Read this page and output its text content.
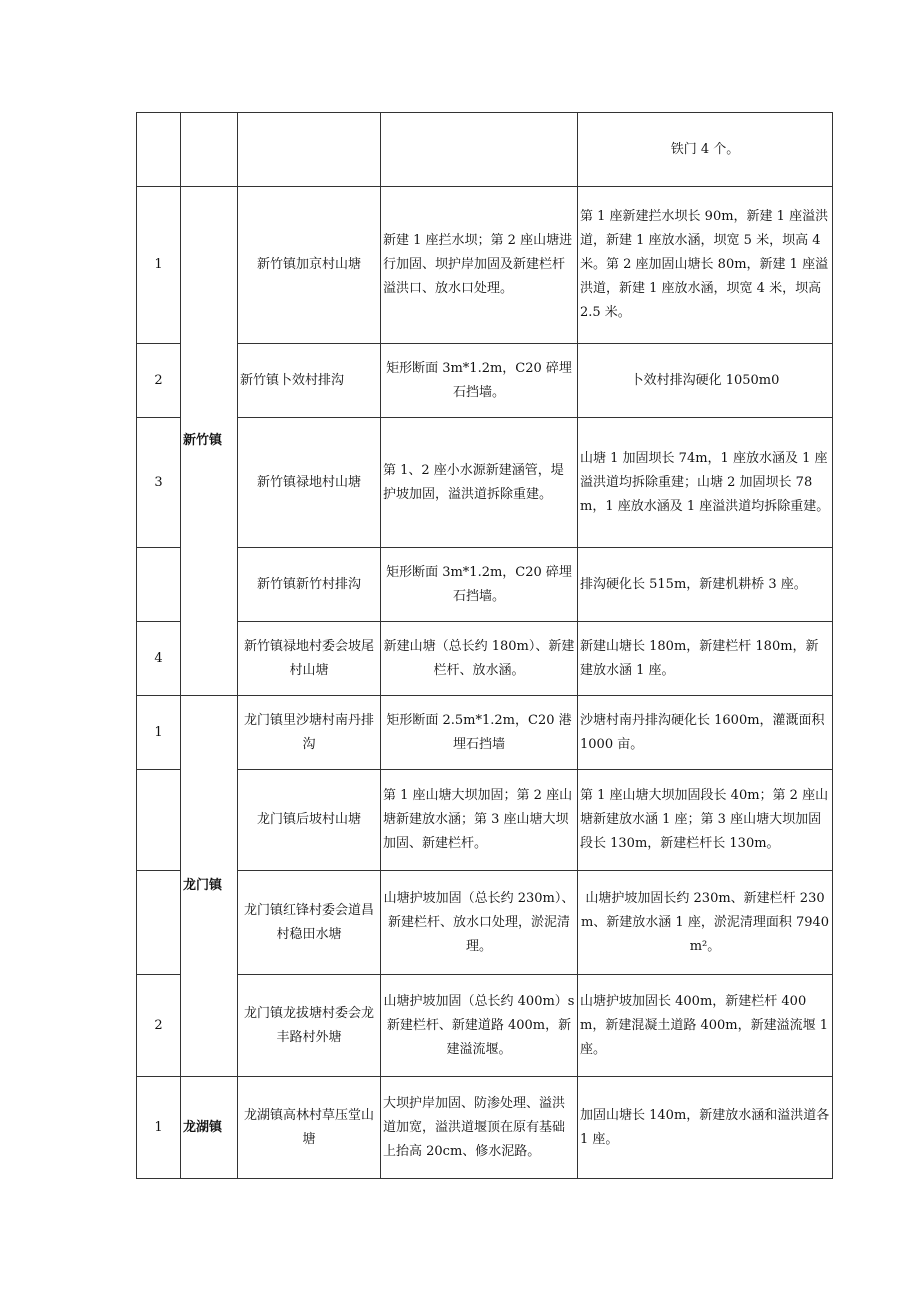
				铁门 4 个。
1	新竹镇	新竹镇加京村山塘	新建 1 座拦水坝；第 2 座山塘进行加固、坝护岸加固及新建栏杆溢洪口、放水口处理。	第 1 座新建拦水坝长 90m，新建 1 座溢洪道，新建 1 座放水涵，坝宽 5 米，坝高 4 米。第 2 座加固山塘长 80m，新建 1 座溢洪道，新建 1 座放水涵，坝宽 4 米，坝高 2.5 米。
2		新竹镇卜效村排沟	矩形断面 3m*1.2m，C20 碎埋石挡墙。	卜效村排沟硬化 1050m0
3		新竹镇禄地村山塘	第 1、2 座小水源新建涵管，堤护坡加固，溢洪道拆除重建。	山塘 1 加固坝长 74m，1 座放水涵及 1 座溢洪道均拆除重建；山塘 2 加固坝长 78m，1 座放水涵及 1 座溢洪道均拆除重建。
		新竹镇新竹村排沟	矩形断面 3m*1.2m，C20 碎埋石挡墙。	排沟硬化长 515m，新建机耕桥 3 座。
4		新竹镇禄地村委会坡尾村山塘	新建山塘（总长约 180m）、新建栏杆、放水涵。	新建山塘长 180m，新建栏杆 180m，新建放水涵 1 座。
1	龙门镇	龙门镇里沙塘村南丹排沟	矩形断面 2.5m*1.2m，C20 港埋石挡墙	沙塘村南丹排沟硬化长 1600m，灌溉面积 1000 亩。
		龙门镇后坡村山塘	第 1 座山塘大坝加固；第 2 座山塘新建放水涵；第 3 座山塘大坝加固、新建栏杆。	第 1 座山塘大坝加固段长 40m；第 2 座山塘新建放水涵 1 座；第 3 座山塘大坝加固段长 130m，新建栏杆长 130m。
		龙门镇红锋村委会道昌村稳田水塘	山塘护坡加固（总长约 230m）、新建栏杆、放水口处理，淤泥清理。	山塘护坡加固长约 230m、新建栏杆 230m、新建放水涵 1 座，淤泥清理面积 7940m²。
2		龙门镇龙拔塘村委会龙丰路村外塘	山塘护坡加固（总长约 400m）s 新建栏杆、新建道路 400m，新建溢流堰。	山塘护坡加固长 400m，新建栏杆 400m，新建混凝土道路 400m，新建溢流堰 1 座。
1	龙湖镇	龙湖镇高林村草压堂山塘	大坝护岸加固、防渗处理、溢洪道加宽，溢洪道堰顶在原有基础上抬高 20cm、修水泥路。	加固山塘长 140m，新建放水涵和溢洪道各 1 座。
